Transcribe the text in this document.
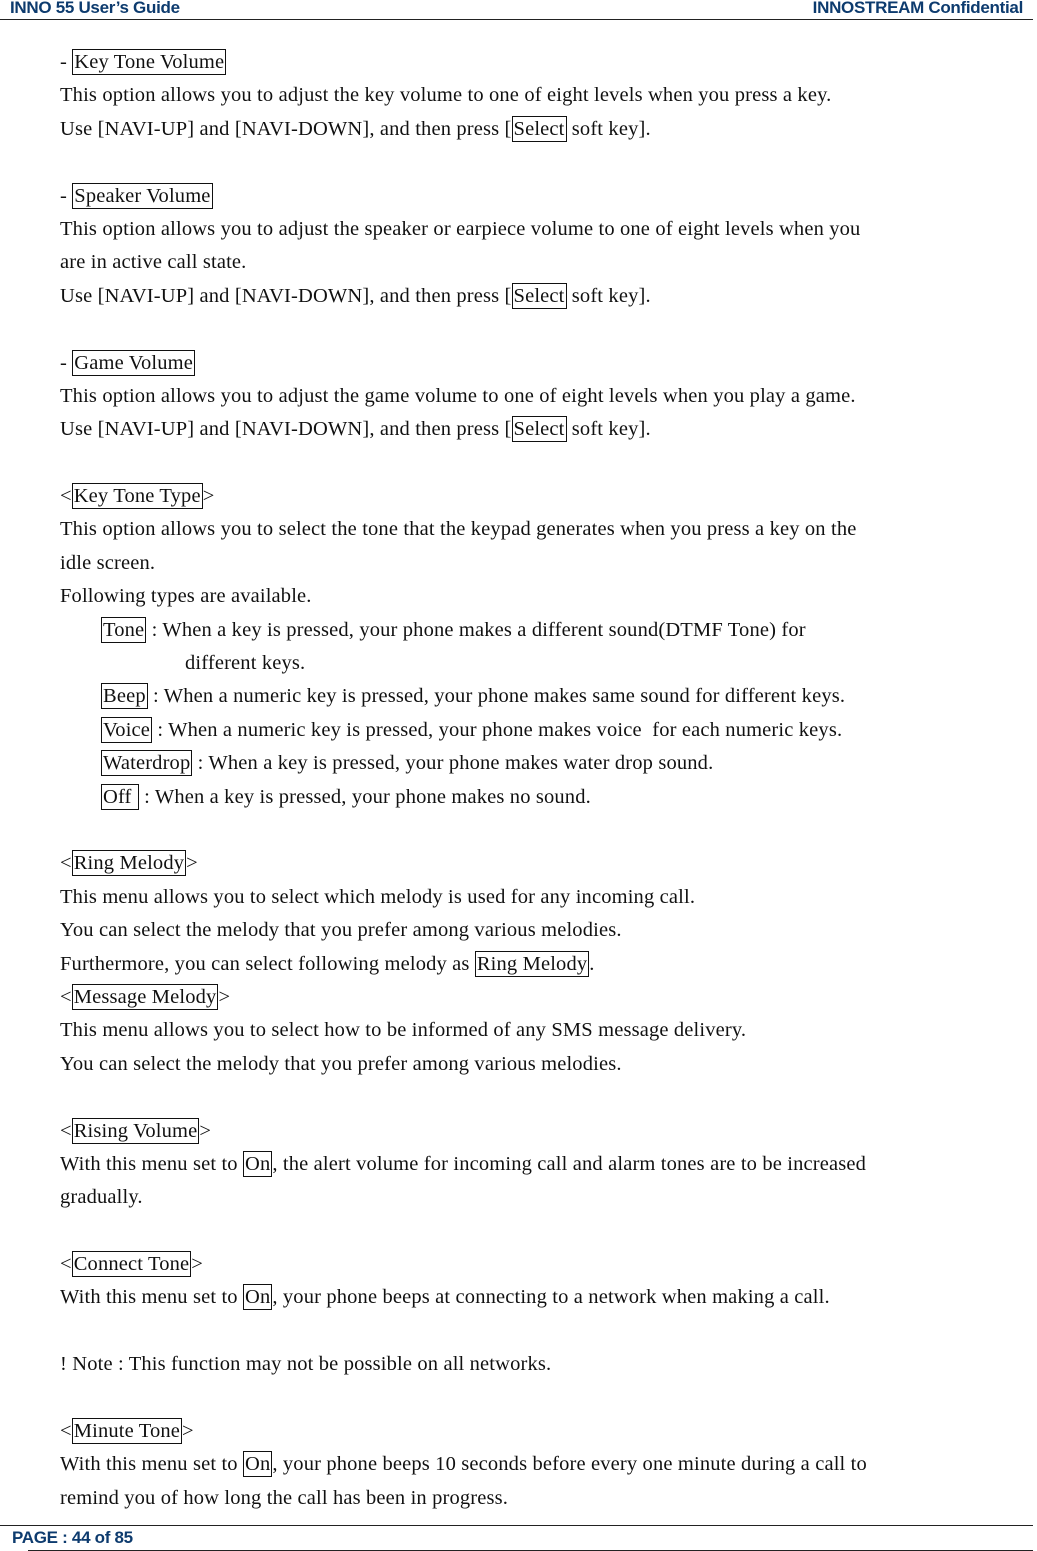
INNO 55 User’s Guide	INNOSTREAM Confidential
- Key Tone Volume
This option allows you to adjust the key volume to one of eight levels when you press a key.
Use [NAVI-UP] and [NAVI-DOWN], and then press [Select soft key].
- Speaker Volume
This option allows you to adjust the speaker or earpiece volume to one of eight levels when you
are in active call state.
Use [NAVI-UP] and [NAVI-DOWN], and then press [Select soft key].
- Game Volume
This option allows you to adjust the game volume to one of eight levels when you play a game.
Use [NAVI-UP] and [NAVI-DOWN], and then press [Select soft key].
<Key Tone Type>
This option allows you to select the tone that the keypad generates when you press a key on the
idle screen.
Following types are available.
Tone : When a key is pressed, your phone makes a different sound(DTMF Tone) for
different keys.
Beep : When a numeric key is pressed, your phone makes same sound for different keys.
Voice : When a numeric key is pressed, your phone makes voice  for each numeric keys.
Waterdrop : When a key is pressed, your phone makes water drop sound.
Off  : When a key is pressed, your phone makes no sound.
<Ring Melody>
This menu allows you to select which melody is used for any incoming call.
You can select the melody that you prefer among various melodies.
Furthermore, you can select following melody as Ring Melody.
<Message Melody>
This menu allows you to select how to be informed of any SMS message delivery.
You can select the melody that you prefer among various melodies.
<Rising Volume>
With this menu set to On, the alert volume for incoming call and alarm tones are to be increased
gradually.
<Connect Tone>
With this menu set to On, your phone beeps at connecting to a network when making a call.
! Note : This function may not be possible on all networks.
<Minute Tone>
With this menu set to On, your phone beeps 10 seconds before every one minute during a call to
remind you of how long the call has been in progress.
PAGE : 44 of 85
